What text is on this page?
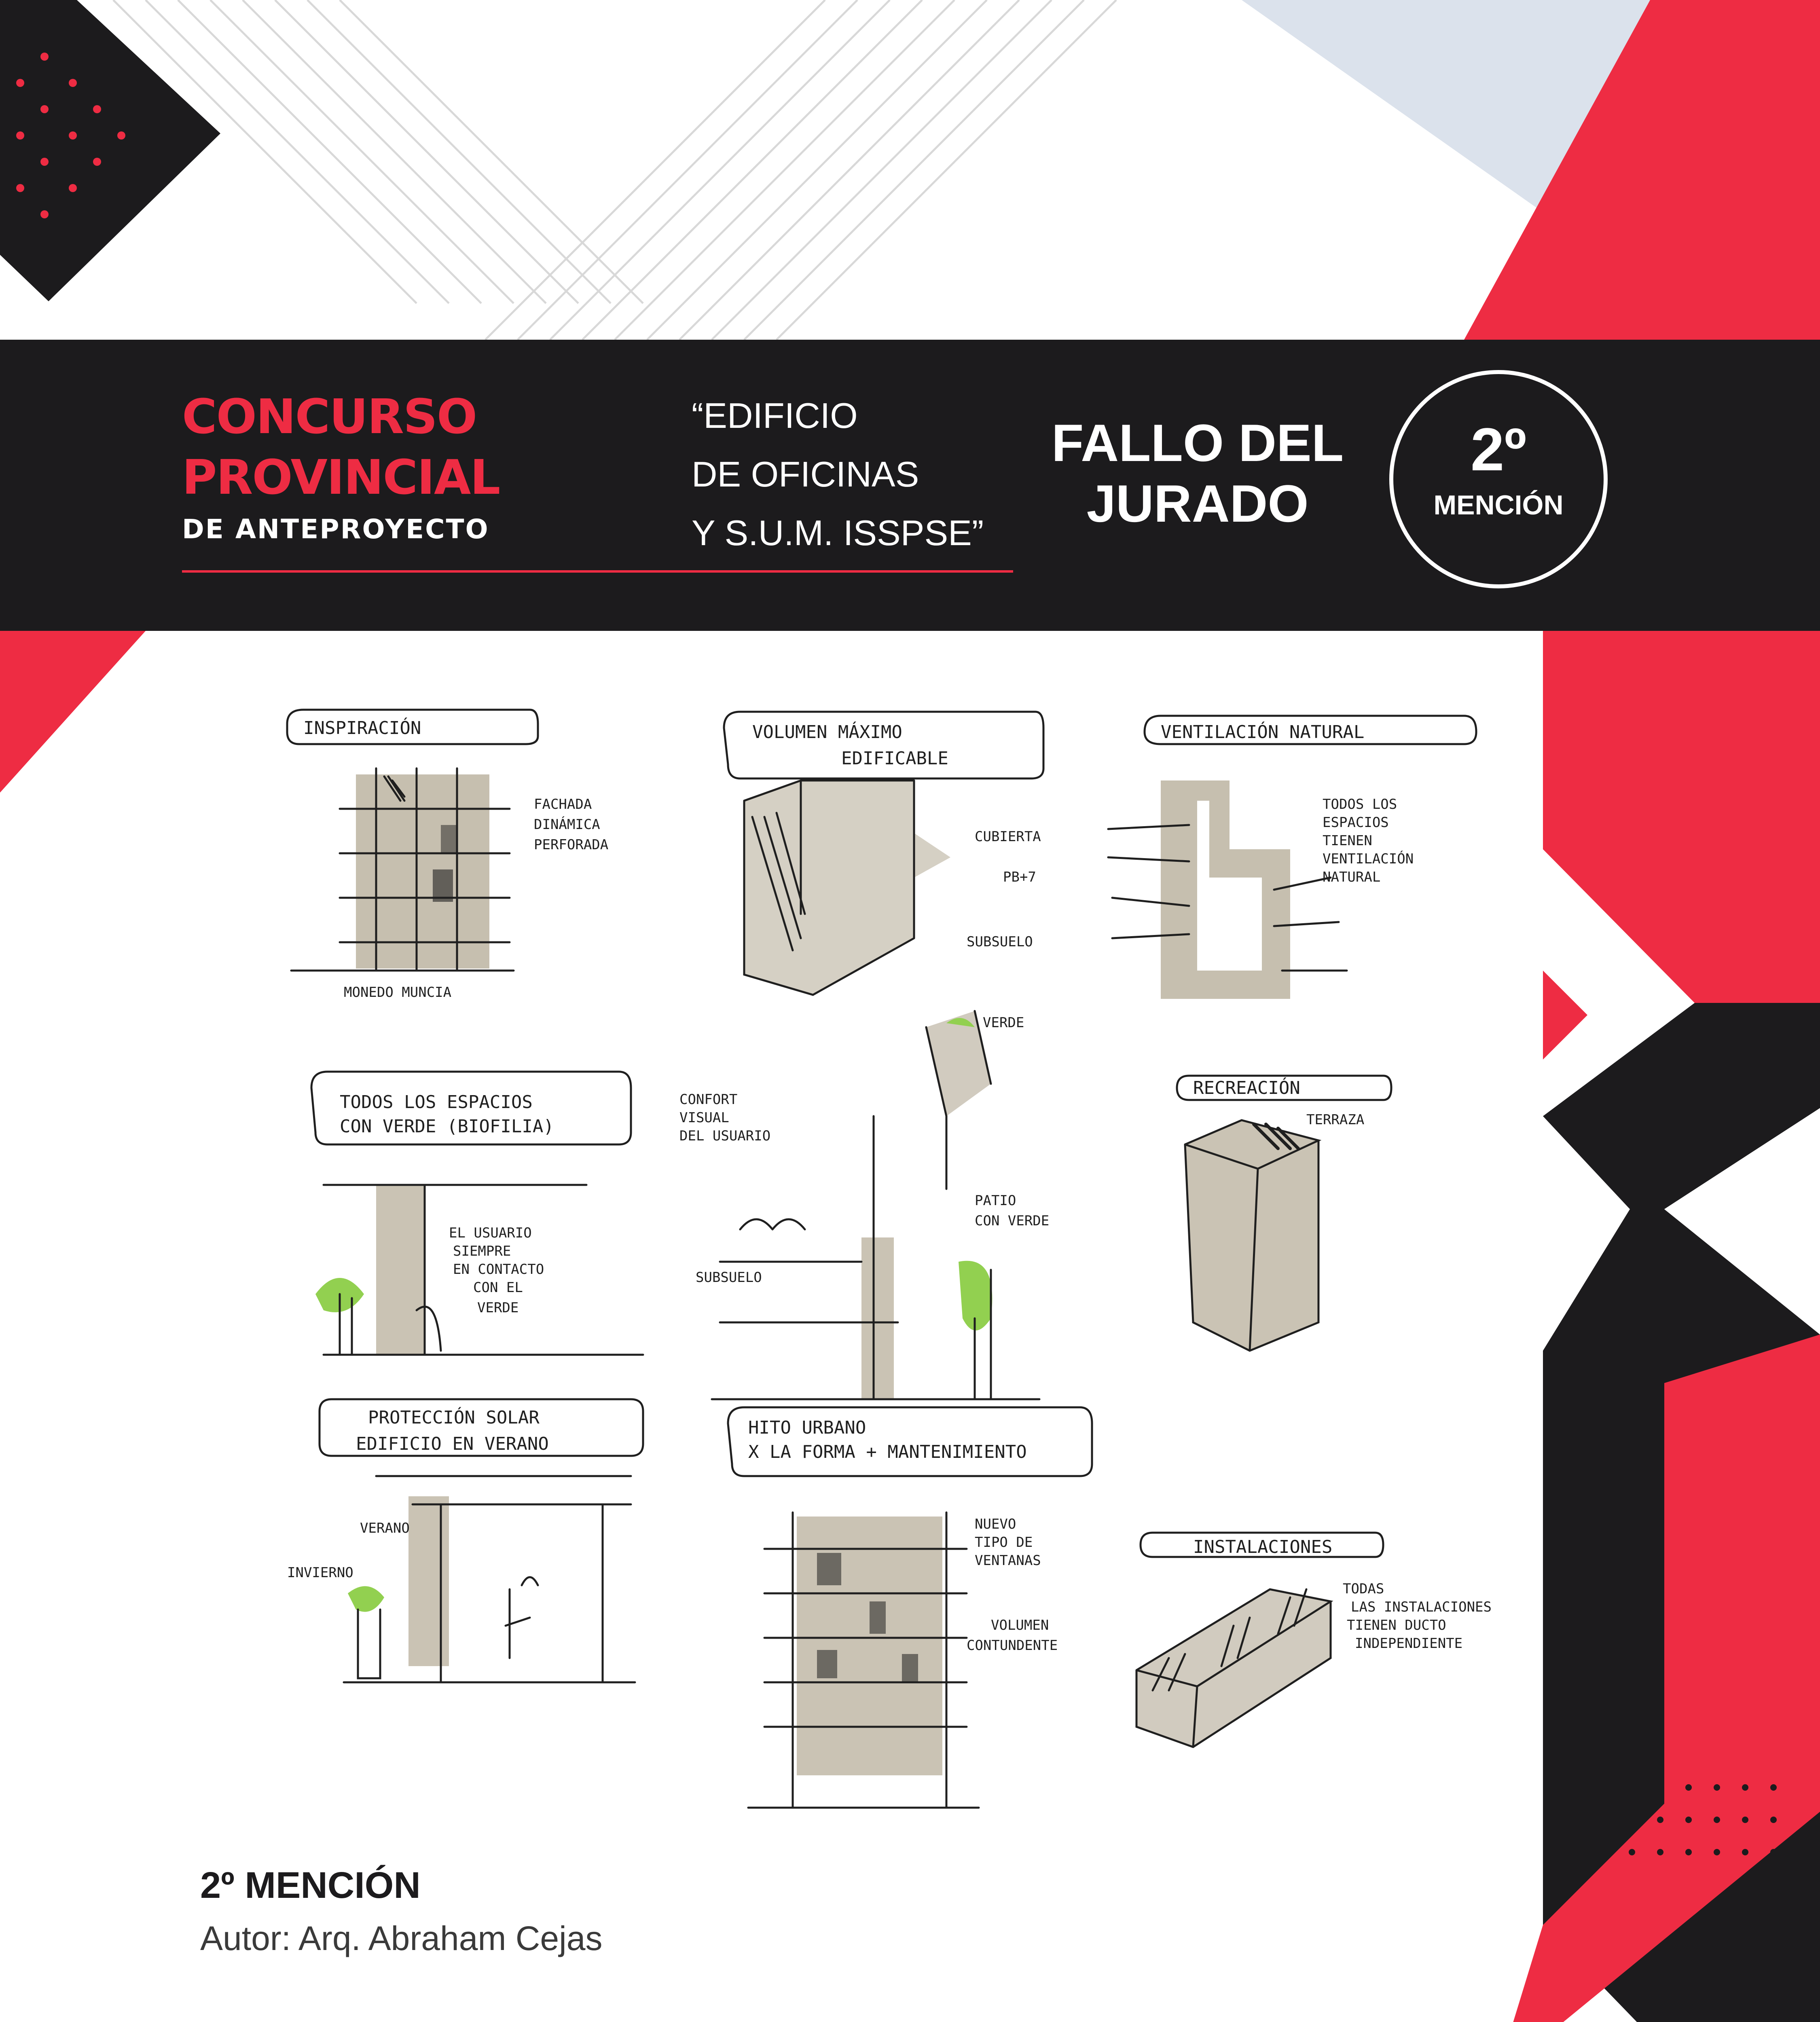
CONCURSO
PROVINCIAL
DE ANTEPROYECTO
“EDIFICIO
DE OFICINAS
Y S.U.M. ISSPSE”
FALLO DEL
JURADO
2º
MENCIÓN
INSPIRACIÓN
FACHADA
DINÁMICA
PERFORADA
MONEDO MUNCIA
VOLUMEN MÁXIMO
EDIFICABLE
CUBIERTA
PB+7
SUBSUELO
VENTILACIÓN NATURAL
TODOS LOS
ESPACIOS
TIENEN
VENTILACIÓN
NATURAL
TODOS LOS ESPACIOS
CON VERDE (BIOFILIA)
EL USUARIO
SIEMPRE
EN CONTACTO
CON EL
VERDE
CONFORT
VISUAL
DEL USUARIO
VERDE
PATIO
CON VERDE
SUBSUELO
RECREACIÓN
TERRAZA
PROTECCIÓN SOLAR
EDIFICIO EN VERANO
VERANO
INVIERNO
HITO URBANO
X LA FORMA + MANTENIMIENTO
NUEVO
TIPO DE
VENTANAS
VOLUMEN
CONTUNDENTE
INSTALACIONES
TODAS
LAS INSTALACIONES
TIENEN DUCTO
INDEPENDIENTE
2º MENCIÓN
Autor: Arq. Abraham Cejas
